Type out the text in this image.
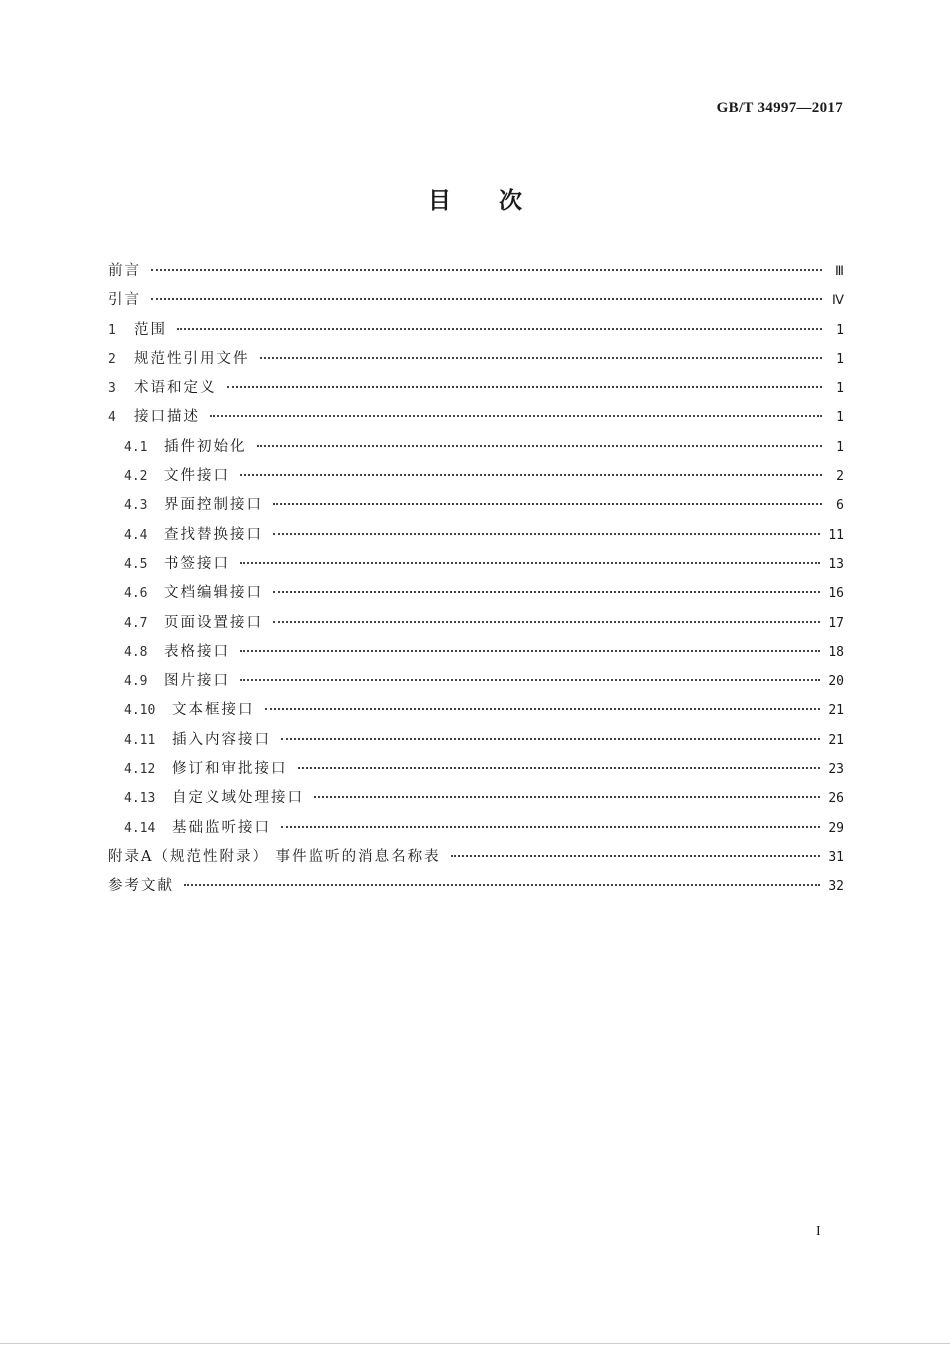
GB/T 34997—2017
目 次
前言	Ⅲ
引言	Ⅳ
1	范围	1
2	规范性引用文件	1
3	术语和定义	1
4	接口描述	1
4.1	插件初始化	1
4.2	文件接口	2
4.3	界面控制接口	6
4.4	查找替换接口	11
4.5	书签接口	13
4.6	文档编辑接口	16
4.7	页面设置接口	17
4.8	表格接口	18
4.9	图片接口	20
4.10	文本框接口	21
4.11	插入内容接口	21
4.12	修订和审批接口	23
4.13	自定义域处理接口	26
4.14	基础监听接口	29
附录A（规范性附录） 事件监听的消息名称表	31
参考文献	32
I
